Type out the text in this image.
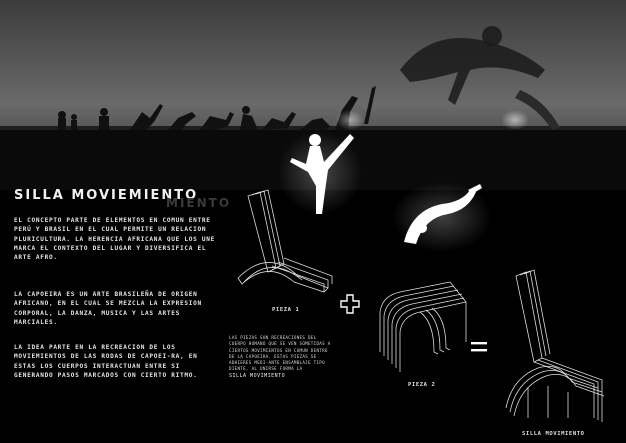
SILLA MOVIEMIENTO
MIENTO
EL CONCEPTO PARTE DE ELEMENTOS EN COMUN ENTRE PERÚ Y BRASIL EN EL CUAL PERMITE UN RELACION PLURICULTURA. LA HERENCIA AFRICANA QUE LOS UNE MARCA EL CONTEXTO DEL LUGAR Y DIVERSIFICA EL ARTE AFRO.
LA CAPOEIRA ES UN ARTE BRASILEÑA DE ORIGEN AFRICANO, EN EL CUAL SE MEZCLA LA EXPRESION CORPORAL, LA DANZA, MUSICA Y LAS ARTES MARCIALES.
LA IDEA PARTE EN LA RECREACION DE LOS MOVIEMIENTOS DE LAS RODAS DE CAPOEI-RA, EN ESTAS LOS CUERPOS INTERACTUAN ENTRE SI GENERANDO PASOS MARCADOS CON CIERTO RITMO.
PIEZA 1
PIEZA 2
SILLA MOVIMIENTO
LAS PIEZAS SON RECREACIONES DEL CUERPO HUMANO QUE SE VEN SOMETIDAS A CIERTOS MOVIMIENTOS EN COMUN DENTRO DE LA CAPOEIRA. ESTAS PIEZAS SE ADHIERES MEDI-ANTE ENSAMBLAJE TIPO DIENTE, AL UNIRSE FORMA LA
SILLA MOVIMIENTO
